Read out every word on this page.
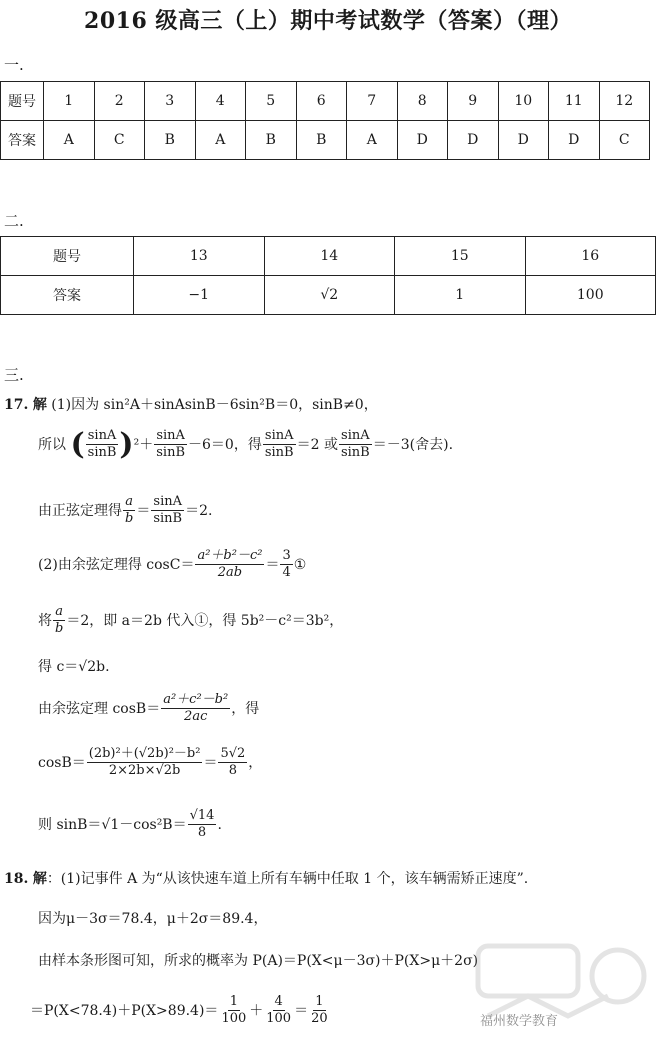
2016 级高三（上）期中考试数学（答案）（理）
一.
题号	1	2	3	4	5	6	7	8	9	10	11	12
答案	A	C	B	A	B	B	A	D	D	D	D	C
二.
题号	13	14	15	16
答案	−1	√2	1	100
三.
17. 解 (1)因为 sin²A＋sinAsinB－6sin²B＝0，sinB≠0，
所以 ( $\frac{\sin A}{\sin B} )^2+ \frac{\sin A}{\sin B} -6=0$，得 $\frac{\sin A}{\sin B} =2$ 或 $\frac{\sin A}{\sin B} =-3$(舍去).
由正弦定理得 $\frac{a}{b} = \frac{\sin A}{\sin B} =2$.
(2)由余弦定理得 $\cos C= \frac{\text{a²＋b²－c²}}{2ab} = \frac{3}{4}$ ①
将 $\frac{a}{b} =2$，即 a＝2b 代入①，得 5b²－c²＝3b²，
得 c＝√2b.
由余弦定理 $\cos B= \frac{\text{a²＋c²－b²}}{2ac}$ ，得
$\cos B= \frac{\text{(2b)²＋(√2b)²－b²}}{2\times 2b\times√2b} = \frac{5√2}{8}$ ，
则 $\sin B=√1-\cos^2B= \frac{√14}{8}$ .
18. 解：(1)记事件 A 为“从该快速车道上所有车辆中任取 1 个，该车辆需矫正速度”.
因为μ－3σ＝78.4，μ＋2σ＝89.4，
由样本条形图可知，所求的概率为 P(A)＝P(X<μ－3σ)＋P(X>μ＋2σ)
$=P(X<78.4)+P(X>89.4)= \frac{1}{100} + \frac{4}{100} = \frac{1}{20}$	福州数学教育
